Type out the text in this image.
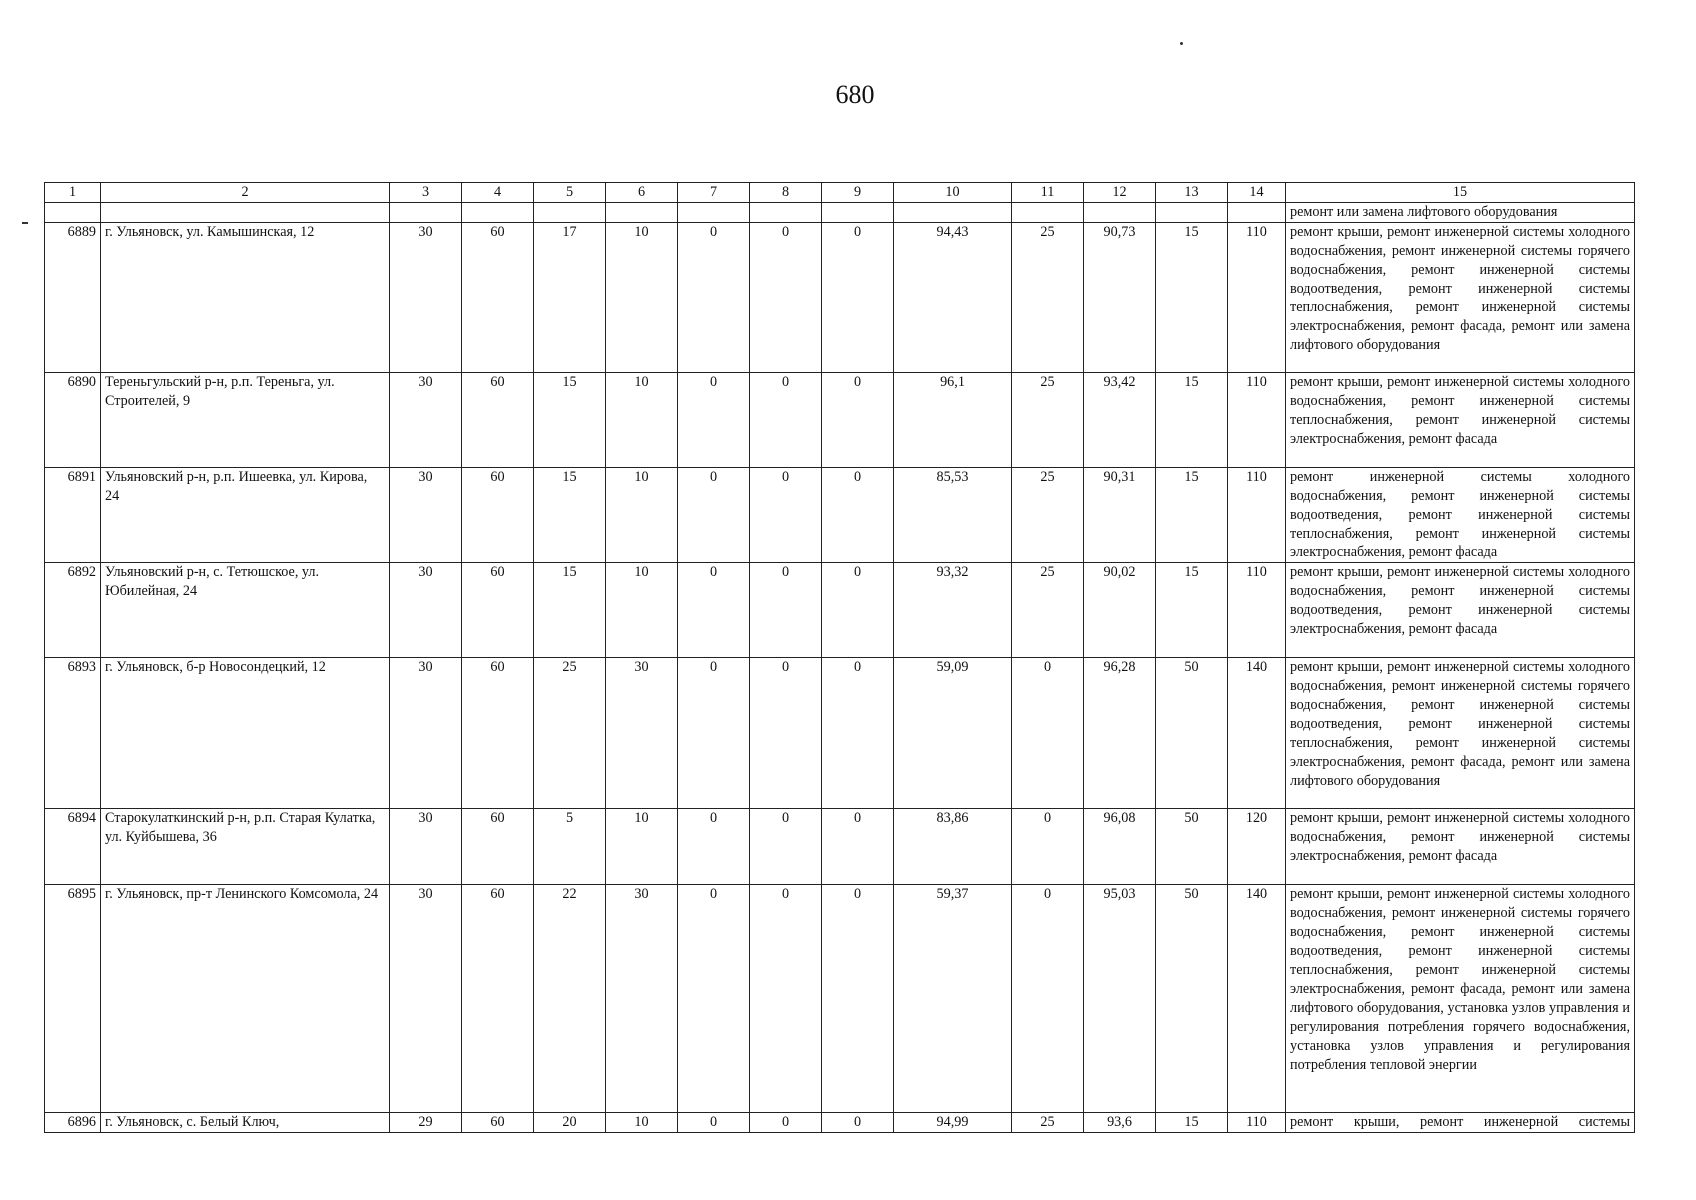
680
1	2	3	4	5	6	7	8	9	10	11	12	13	14	15
														ремонт или замена лифтового оборудования
6889	г. Ульяновск, ул. Камышинская, 12	30	60	17	10	0	0	0	94,43	25	90,73	15	110	ремонт крыши, ремонт инженерной системы холодного водоснабжения, ремонт инженерной системы горячего водоснабжения, ремонт инженерной системы водоотведения, ремонт инженерной системы теплоснабжения, ремонт инженерной системы электроснабжения, ремонт фасада, ремонт или замена лифтового оборудования
6890	Тереньгульский р-н, р.п. Тереньга, ул. Строителей, 9	30	60	15	10	0	0	0	96,1	25	93,42	15	110	ремонт крыши, ремонт инженерной системы холодного водоснабжения, ремонт инженерной системы теплоснабжения, ремонт инженерной системы электроснабжения, ремонт фасада
6891	Ульяновский р-н, р.п. Ишеевка, ул. Кирова, 24	30	60	15	10	0	0	0	85,53	25	90,31	15	110	ремонт инженерной системы холодного водоснабжения, ремонт инженерной системы водоотведения, ремонт инженерной системы теплоснабжения, ремонт инженерной системы электроснабжения, ремонт фасада
6892	Ульяновский р-н, с. Тетюшское, ул. Юбилейная, 24	30	60	15	10	0	0	0	93,32	25	90,02	15	110	ремонт крыши, ремонт инженерной системы холодного водоснабжения, ремонт инженерной системы водоотведения, ремонт инженерной системы электроснабжения, ремонт фасада
6893	г. Ульяновск, б-р Новосондецкий, 12	30	60	25	30	0	0	0	59,09	0	96,28	50	140	ремонт крыши, ремонт инженерной системы холодного водоснабжения, ремонт инженерной системы горячего водоснабжения, ремонт инженерной системы водоотведения, ремонт инженерной системы теплоснабжения, ремонт инженерной системы электроснабжения, ремонт фасада, ремонт или замена лифтового оборудования
6894	Старокулаткинский р-н, р.п. Старая Кулатка, ул. Куйбышева, 36	30	60	5	10	0	0	0	83,86	0	96,08	50	120	ремонт крыши, ремонт инженерной системы холодного водоснабжения, ремонт инженерной системы электроснабжения, ремонт фасада
6895	г. Ульяновск, пр-т Ленинского Комсомола, 24	30	60	22	30	0	0	0	59,37	0	95,03	50	140	ремонт крыши, ремонт инженерной системы холодного водоснабжения, ремонт инженерной системы горячего водоснабжения, ремонт инженерной системы водоотведения, ремонт инженерной системы теплоснабжения, ремонт инженерной системы электроснабжения, ремонт фасада, ремонт или замена лифтового оборудования, установка узлов управления и регулирования потребления горячего водоснабжения, установка узлов управления и регулирования потребления тепловой энергии
6896	г. Ульяновск, с. Белый Ключ,	29	60	20	10	0	0	0	94,99	25	93,6	15	110	ремонт крыши, ремонт инженерной системы
